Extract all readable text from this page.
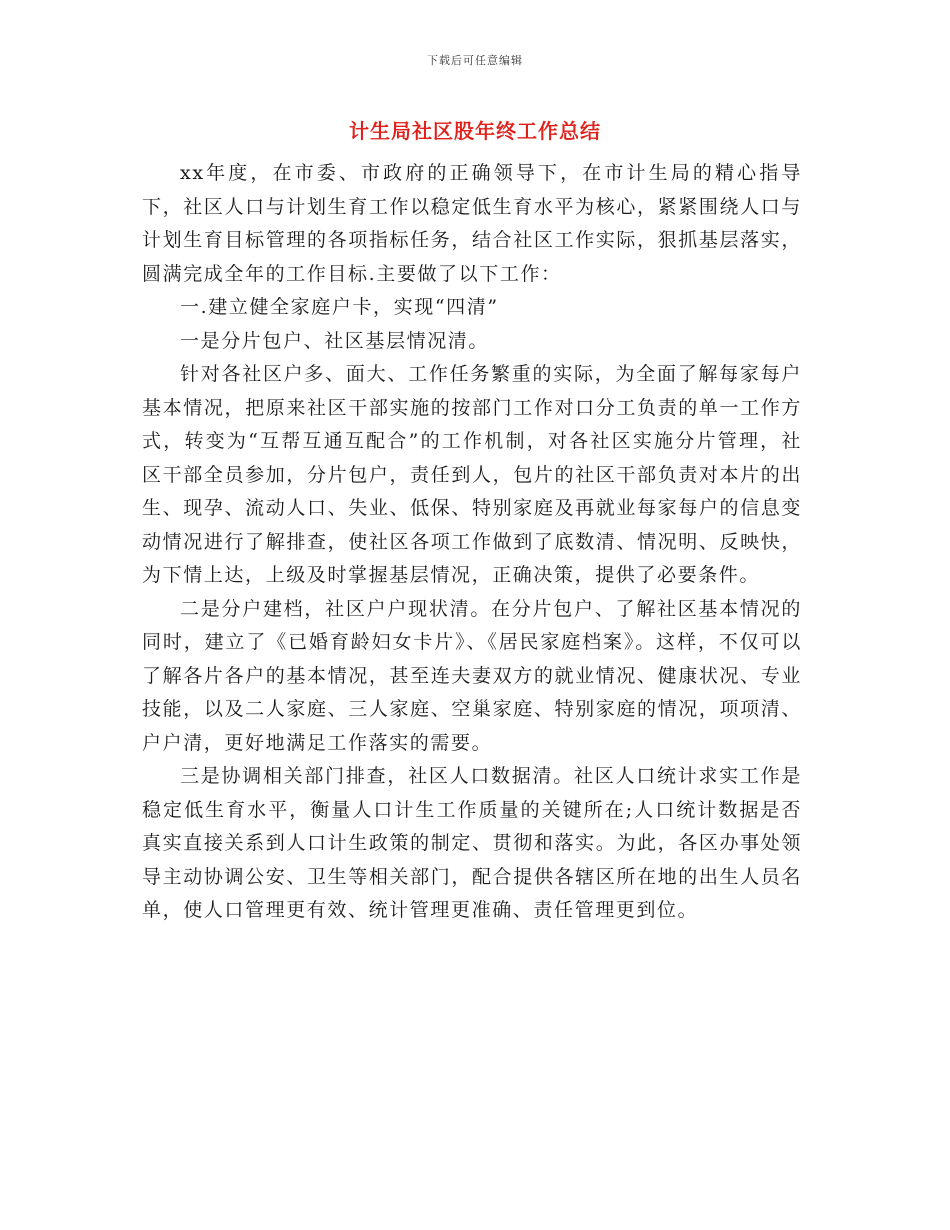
下载后可任意编辑
计生局社区股年终工作总结

xx年度，在市委、市政府的正确领导下，在市计生局的精心指导下，社区人口与计划生育工作以稳定低生育水平为核心，紧紧围绕人口与计划生育目标管理的各项指标任务，结合社区工作实际，狠抓基层落实，圆满完成全年的工作目标.主要做了以下工作：

一.建立健全家庭户卡，实现“四清”

一是分片包户、社区基层情况清。

针对各社区户多、面大、工作任务繁重的实际，为全面了解每家每户基本情况，把原来社区干部实施的按部门工作对口分工负责的单一工作方式，转变为“互帮互通互配合”的工作机制，对各社区实施分片管理，社区干部全员参加，分片包户，责任到人，包片的社区干部负责对本片的出生、现孕、流动人口、失业、低保、特别家庭及再就业每家每户的信息变动情况进行了解排查，使社区各项工作做到了底数清、情况明、反映快，为下情上达，上级及时掌握基层情况，正确决策，提供了必要条件。

二是分户建档，社区户户现状清。在分片包户、了解社区基本情况的同时，建立了《已婚育龄妇女卡片》、《居民家庭档案》。这样，不仅可以了解各片各户的基本情况，甚至连夫妻双方的就业情况、健康状况、专业技能，以及二人家庭、三人家庭、空巢家庭、特别家庭的情况，项项清、户户清，更好地满足工作落实的需要。

三是协调相关部门排查，社区人口数据清。社区人口统计求实工作是稳定低生育水平，衡量人口计生工作质量的关键所在;人口统计数据是否真实直接关系到人口计生政策的制定、贯彻和落实。为此，各区办事处领导主动协调公安、卫生等相关部门，配合提供各辖区所在地的出生人员名单，使人口管理更有效、统计管理更准确、责任管理更到位。
